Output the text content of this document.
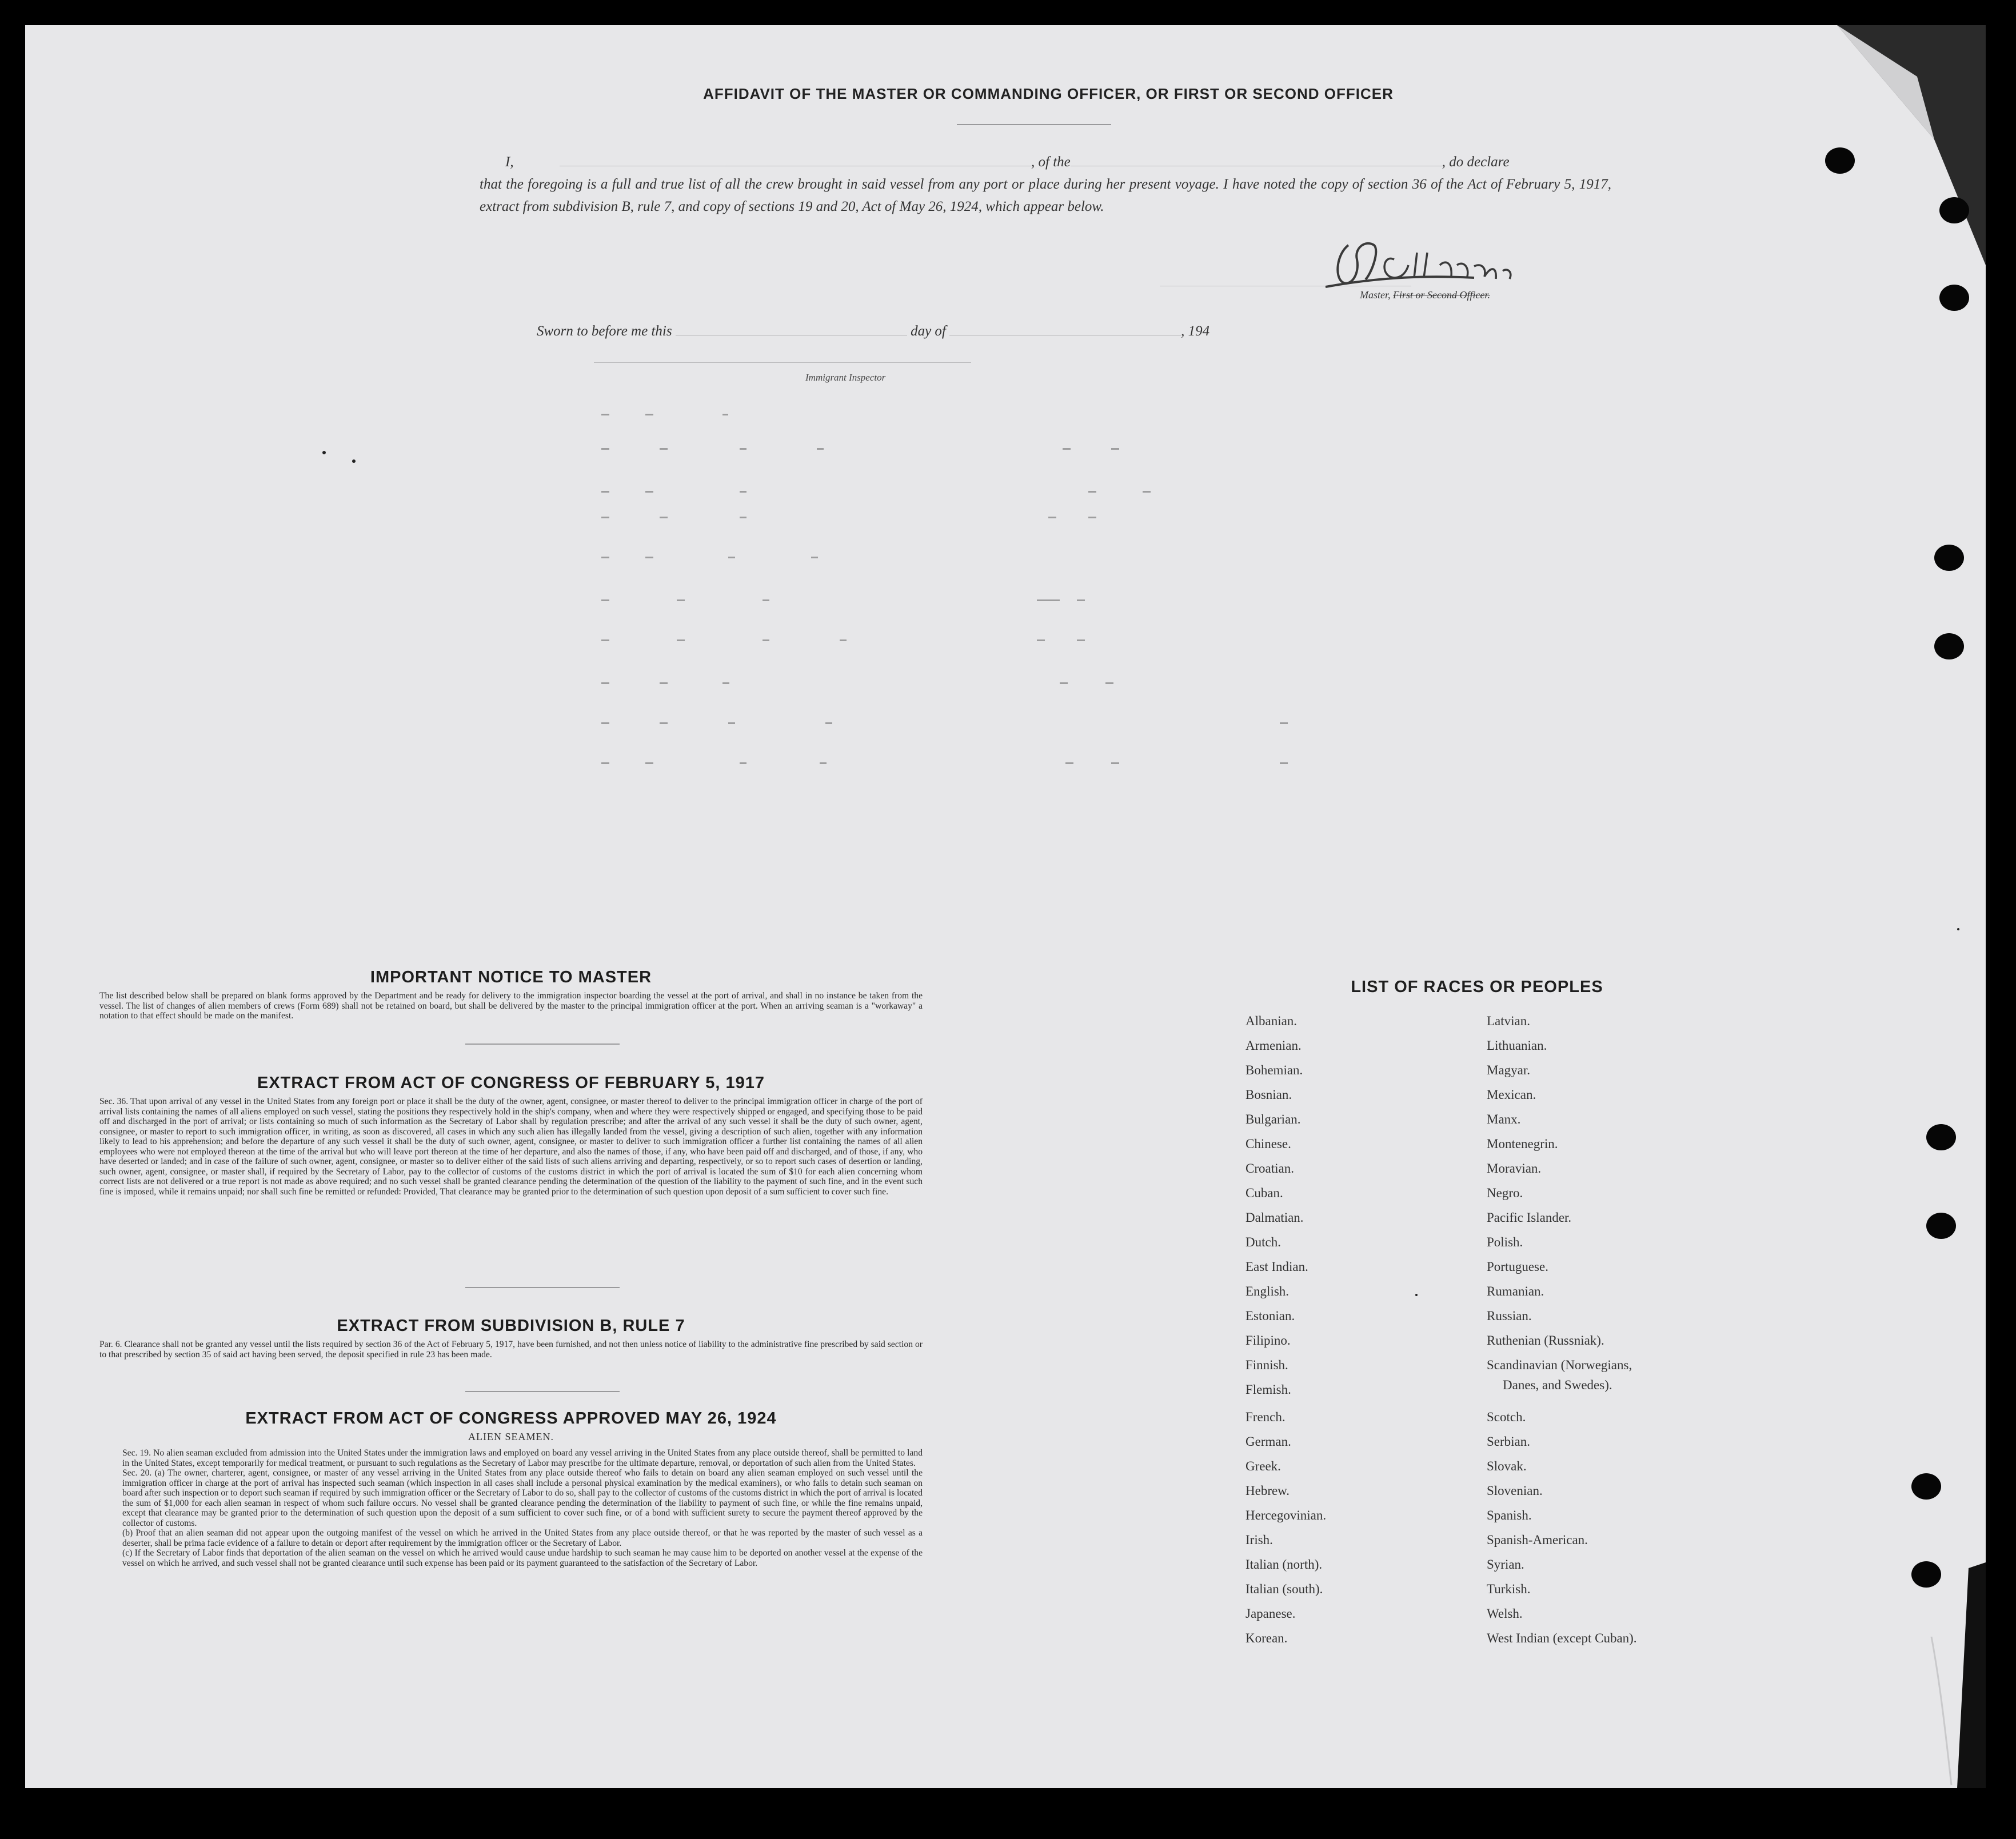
AFFIDAVIT OF THE MASTER OR COMMANDING OFFICER, OR FIRST OR SECOND OFFICER
I,	, of the	, do declare
that the foregoing is a full and true list of all the crew brought in said vessel from any port or place during her present voyage. I have noted the copy of section 36 of the Act of February 5, 1917, extract from subdivision B, rule 7, and copy of sections 19 and 20, Act of May 26, 1924, which appear below.
Master, First or Second Officer.
Sworn to before me this	day of	, 194
Immigrant Inspector
IMPORTANT NOTICE TO MASTER
The list described below shall be prepared on blank forms approved by the Department and be ready for delivery to the immigration inspector boarding the vessel at the port of arrival, and shall in no instance be taken from the vessel. The list of changes of alien members of crews (Form 689) shall not be retained on board, but shall be delivered by the master to the principal immigration officer at the port. When an arriving seaman is a "workaway" a notation to that effect should be made on the manifest.
EXTRACT FROM ACT OF CONGRESS OF FEBRUARY 5, 1917
Sec. 36. That upon arrival of any vessel in the United States from any foreign port or place it shall be the duty of the owner, agent, consignee, or master thereof to deliver to the principal immigration officer in charge of the port of arrival lists containing the names of all aliens employed on such vessel, stating the positions they respectively hold in the ship's company, when and where they were respectively shipped or engaged, and specifying those to be paid off and discharged in the port of arrival; or lists containing so much of such information as the Secretary of Labor shall by regulation prescribe; and after the arrival of any such vessel it shall be the duty of such owner, agent, consignee, or master to report to such immigration officer, in writing, as soon as discovered, all cases in which any such alien has illegally landed from the vessel, giving a description of such alien, together with any information likely to lead to his apprehension; and before the departure of any such vessel it shall be the duty of such owner, agent, consignee, or master to deliver to such immigration officer a further list containing the names of all alien employees who were not employed thereon at the time of the arrival but who will leave port thereon at the time of her departure, and also the names of those, if any, who have been paid off and discharged, and of those, if any, who have deserted or landed; and in case of the failure of such owner, agent, consignee, or master so to deliver either of the said lists of such aliens arriving and departing, respectively, or so to report such cases of desertion or landing, such owner, agent, consignee, or master shall, if required by the Secretary of Labor, pay to the collector of customs of the customs district in which the port of arrival is located the sum of $10 for each alien concerning whom correct lists are not delivered or a true report is not made as above required; and no such vessel shall be granted clearance pending the determination of the question of the liability to the payment of such fine, and in the event such fine is imposed, while it remains unpaid; nor shall such fine be remitted or refunded: Provided, That clearance may be granted prior to the determination of such question upon deposit of a sum sufficient to cover such fine.
EXTRACT FROM SUBDIVISION B, RULE 7
Par. 6. Clearance shall not be granted any vessel until the lists required by section 36 of the Act of February 5, 1917, have been furnished, and not then unless notice of liability to the administrative fine prescribed by said section or to that prescribed by section 35 of said act having been served, the deposit specified in rule 23 has been made.
EXTRACT FROM ACT OF CONGRESS APPROVED MAY 26, 1924
ALIEN SEAMEN.
Sec. 19. No alien seaman excluded from admission into the United States under the immigration laws and employed on board any vessel arriving in the United States from any place outside thereof, shall be permitted to land in the United States, except temporarily for medical treatment, or pursuant to such regulations as the Secretary of Labor may prescribe for the ultimate departure, removal, or deportation of such alien from the United States.
Sec. 20. (a) The owner, charterer, agent, consignee, or master of any vessel arriving in the United States from any place outside thereof who fails to detain on board any alien seaman employed on such vessel until the immigration officer in charge at the port of arrival has inspected such seaman (which inspection in all cases shall include a personal physical examination by the medical examiners), or who fails to detain such seaman on board after such inspection or to deport such seaman if required by such immigration officer or the Secretary of Labor to do so, shall pay to the collector of customs of the customs district in which the port of arrival is located the sum of $1,000 for each alien seaman in respect of whom such failure occurs. No vessel shall be granted clearance pending the determination of the liability to payment of such fine, or while the fine remains unpaid, except that clearance may be granted prior to the determination of such question upon the deposit of a sum sufficient to cover such fine, or of a bond with sufficient surety to secure the payment thereof approved by the collector of customs.
(b) Proof that an alien seaman did not appear upon the outgoing manifest of the vessel on which he arrived in the United States from any place outside thereof, or that he was reported by the master of such vessel as a deserter, shall be prima facie evidence of a failure to detain or deport after requirement by the immigration officer or the Secretary of Labor.
(c) If the Secretary of Labor finds that deportation of the alien seaman on the vessel on which he arrived would cause undue hardship to such seaman he may cause him to be deported on another vessel at the expense of the vessel on which he arrived, and such vessel shall not be granted clearance until such expense has been paid or its payment guaranteed to the satisfaction of the Secretary of Labor.
LIST OF RACES OR PEOPLES
Albanian.
Armenian.
Bohemian.
Bosnian.
Bulgarian.
Chinese.
Croatian.
Cuban.
Dalmatian.
Dutch.
East Indian.
English.
Estonian.
Filipino.
Finnish.
Flemish.
French.
German.
Greek.
Hebrew.
Hercegovinian.
Irish.
Italian (north).
Italian (south).
Japanese.
Korean.
Latvian.
Lithuanian.
Magyar.
Mexican.
Manx.
Montenegrin.
Moravian.
Negro.
Pacific Islander.
Polish.
Portuguese.
Rumanian.
Russian.
Ruthenian (Russniak).
Scandinavian (Norwegians,
Danes, and Swedes).
Scotch.
Serbian.
Slovak.
Slovenian.
Spanish.
Spanish-American.
Syrian.
Turkish.
Welsh.
West Indian (except Cuban).
